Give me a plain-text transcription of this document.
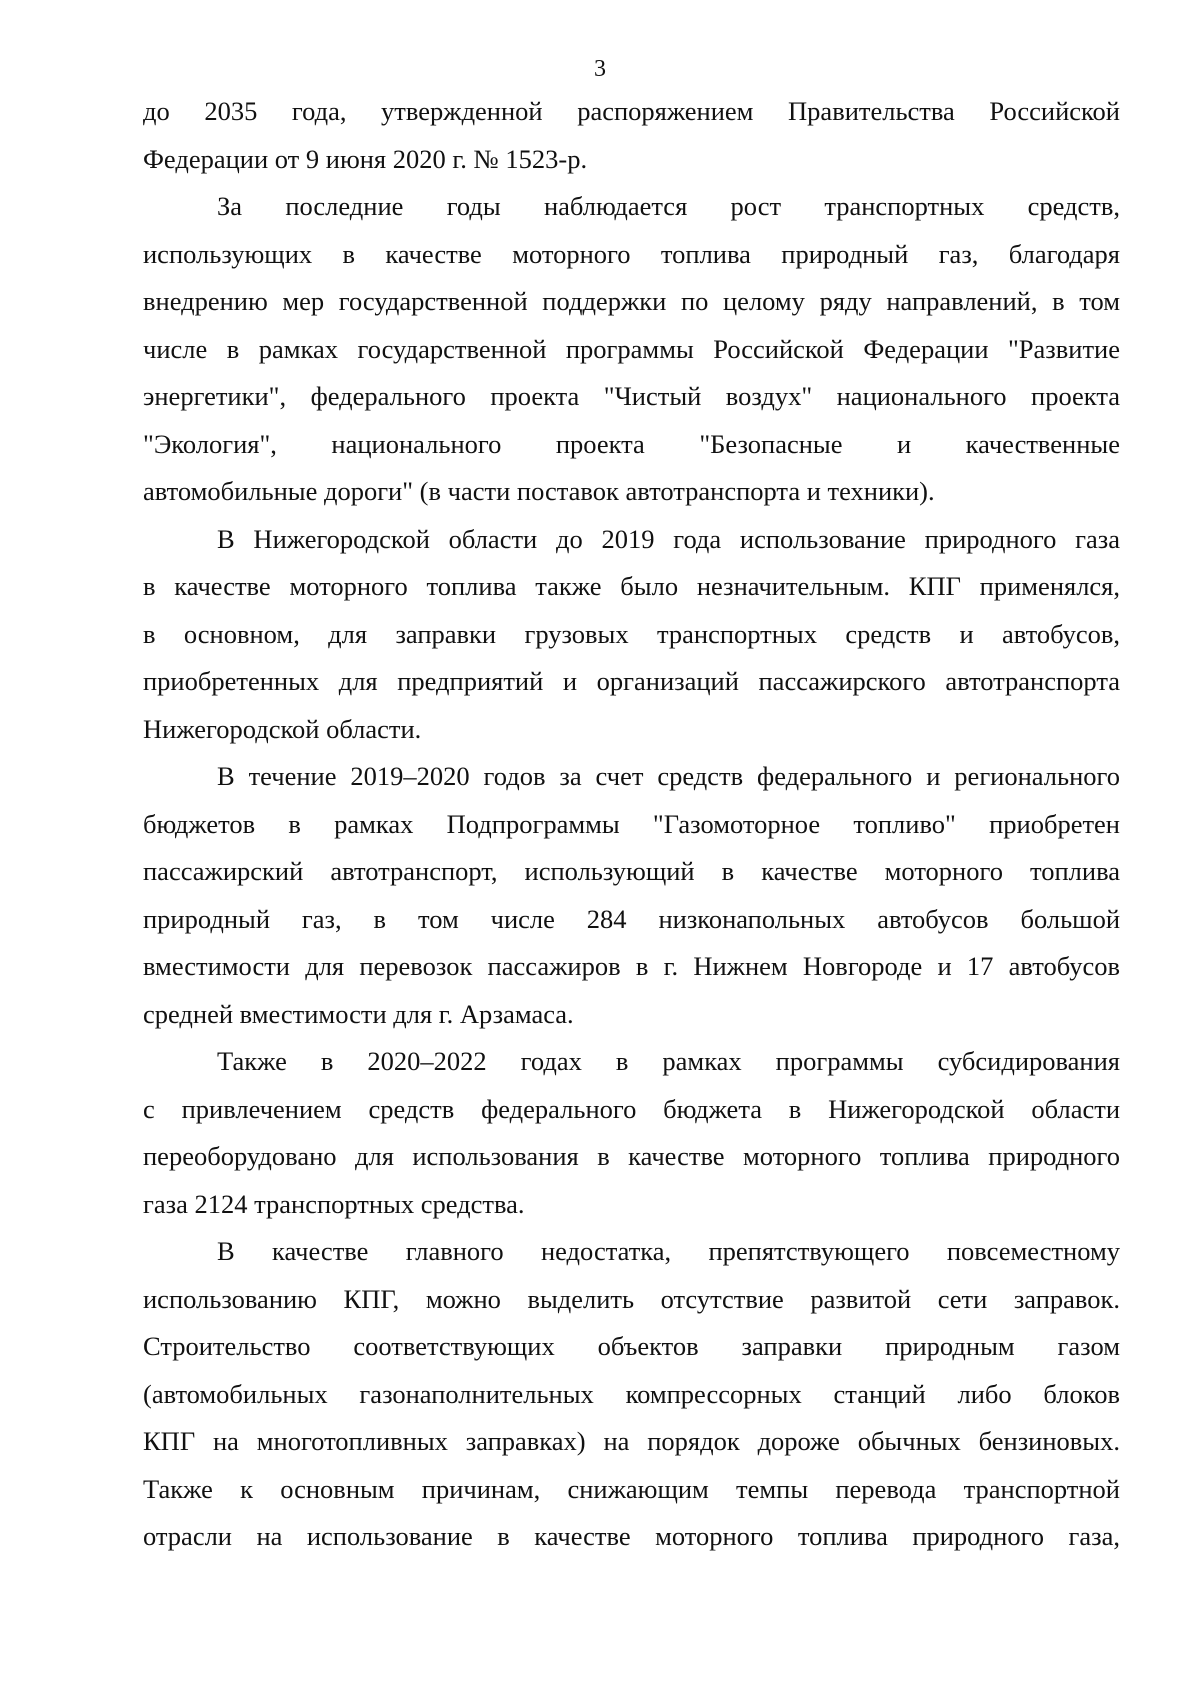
3
до 2035 года, утвержденной распоряжением Правительства Российской
Федерации от 9 июня 2020 г. № 1523-р.
За последние годы наблюдается рост транспортных средств,
использующих в качестве моторного топлива природный газ, благодаря
внедрению мер государственной поддержки по целому ряду направлений, в том
числе в рамках государственной программы Российской Федерации "Развитие
энергетики", федерального проекта "Чистый воздух" национального проекта
"Экология", национального проекта "Безопасные и качественные
автомобильные дороги" (в части поставок автотранспорта и техники).
В Нижегородской области до 2019 года использование природного газа
в качестве моторного топлива также было незначительным. КПГ применялся,
в основном, для заправки грузовых транспортных средств и автобусов,
приобретенных для предприятий и организаций пассажирского автотранспорта
Нижегородской области.
В течение 2019–2020 годов за счет средств федерального и регионального
бюджетов в рамках Подпрограммы "Газомоторное топливо" приобретен
пассажирский автотранспорт, использующий в качестве моторного топлива
природный газ, в том числе 284 низконапольных автобусов большой
вместимости для перевозок пассажиров в г. Нижнем Новгороде и 17 автобусов
средней вместимости для г. Арзамаса.
Также в 2020–2022 годах в рамках программы субсидирования
с привлечением средств федерального бюджета в Нижегородской области
переоборудовано для использования в качестве моторного топлива природного
газа 2124 транспортных средства.
В качестве главного недостатка, препятствующего повсеместному
использованию КПГ, можно выделить отсутствие развитой сети заправок.
Строительство соответствующих объектов заправки природным газом
(автомобильных газонаполнительных компрессорных станций либо блоков
КПГ на многотопливных заправках) на порядок дороже обычных бензиновых.
Также к основным причинам, снижающим темпы перевода транспортной
отрасли на использование в качестве моторного топлива природного газа,
